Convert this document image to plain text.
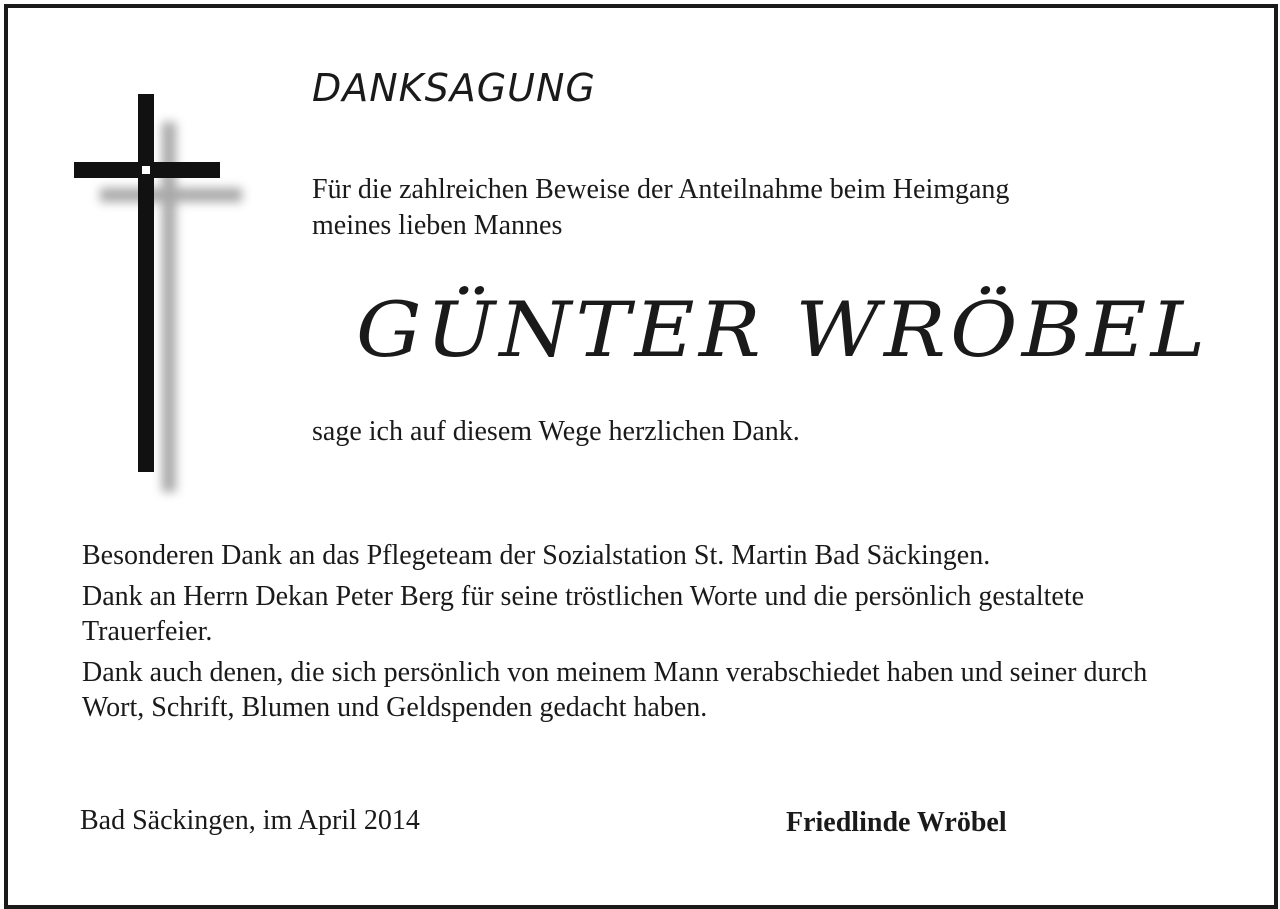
DANKSAGUNG
Für die zahlreichen Beweise der Anteilnahme beim Heimgang
meines lieben Mannes
GÜNTER WRÖBEL

sage ich auf diesem Wege herzlichen Dank.

Besonderen Dank an das Pflegeteam der Sozialstation St. Martin Bad Säckingen.

Dank an Herrn Dekan Peter Berg für seine tröstlichen Worte und die persönlich gestaltete Trauerfeier.

Dank auch denen, die sich persönlich von meinem Mann verabschiedet haben und seiner durch Wort, Schrift, Blumen und Geldspenden gedacht haben.

Bad Säckingen, im April 2014	Friedlinde Wröbel
